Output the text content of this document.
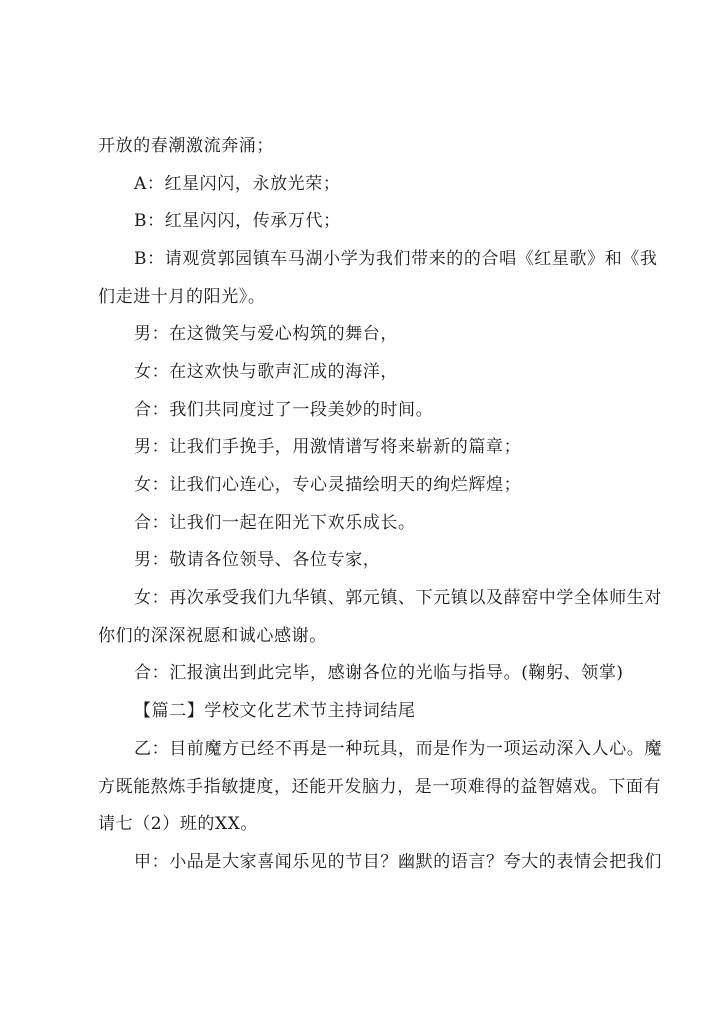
开放的春潮激流奔涌；
A：红星闪闪，永放光荣；
B：红星闪闪，传承万代；
B：请观赏郭园镇车马湖小学为我们带来的的合唱《红星歌》和《我
们走进十月的阳光》。
男：在这微笑与爱心构筑的舞台，
女：在这欢快与歌声汇成的海洋，
合：我们共同度过了一段美妙的时间。
男：让我们手挽手，用激情谱写将来崭新的篇章；
女：让我们心连心，专心灵描绘明天的绚烂辉煌；
合：让我们一起在阳光下欢乐成长。
男：敬请各位领导、各位专家，
女：再次承受我们九华镇、郭元镇、下元镇以及薛窑中学全体师生对
你们的深深祝愿和诚心感谢。
合：汇报演出到此完毕，感谢各位的光临与指导。(鞠躬、领掌)
【篇二】学校文化艺术节主持词结尾
乙：目前魔方已经不再是一种玩具，而是作为一项运动深入人心。魔
方既能熬炼手指敏捷度，还能开发脑力，是一项难得的益智嬉戏。下面有
请七（2）班的XX。
甲：小品是大家喜闻乐见的节目？幽默的语言？夸大的表情会把我们
